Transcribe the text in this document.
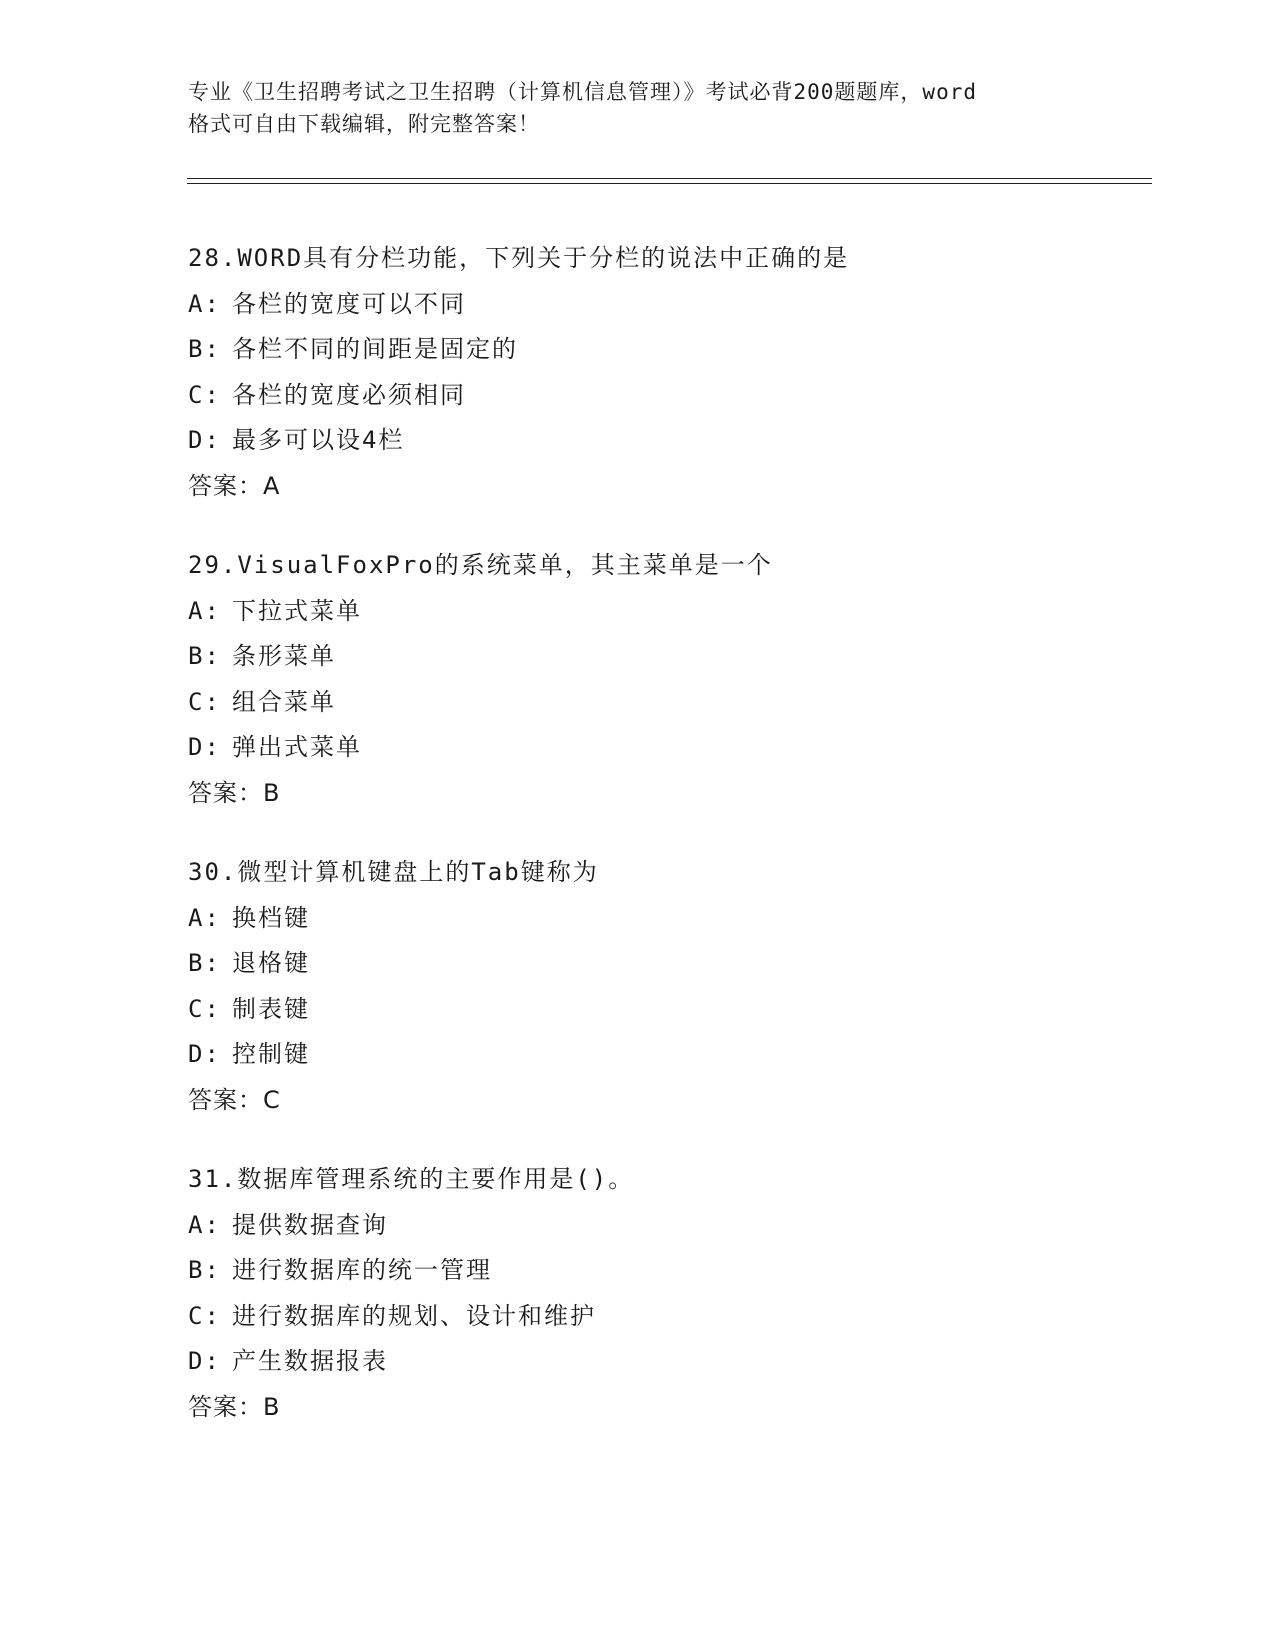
专业《卫生招聘考试之卫生招聘（计算机信息管理）》考试必背200题题库，word
格式可自由下载编辑，附完整答案！
28.WORD具有分栏功能，下列关于分栏的说法中正确的是
A: 各栏的宽度可以不同
B: 各栏不同的间距是固定的
C: 各栏的宽度必须相同
D: 最多可以设4栏
答案：A
29.VisualFoxPro的系统菜单，其主菜单是一个
A: 下拉式菜单
B: 条形菜单
C: 组合菜单
D: 弹出式菜单
答案：B
30.微型计算机键盘上的Tab键称为
A: 换档键
B: 退格键
C: 制表键
D: 控制键
答案：C
31.数据库管理系统的主要作用是()。
A: 提供数据查询
B: 进行数据库的统一管理
C: 进行数据库的规划、设计和维护
D: 产生数据报表
答案：B
